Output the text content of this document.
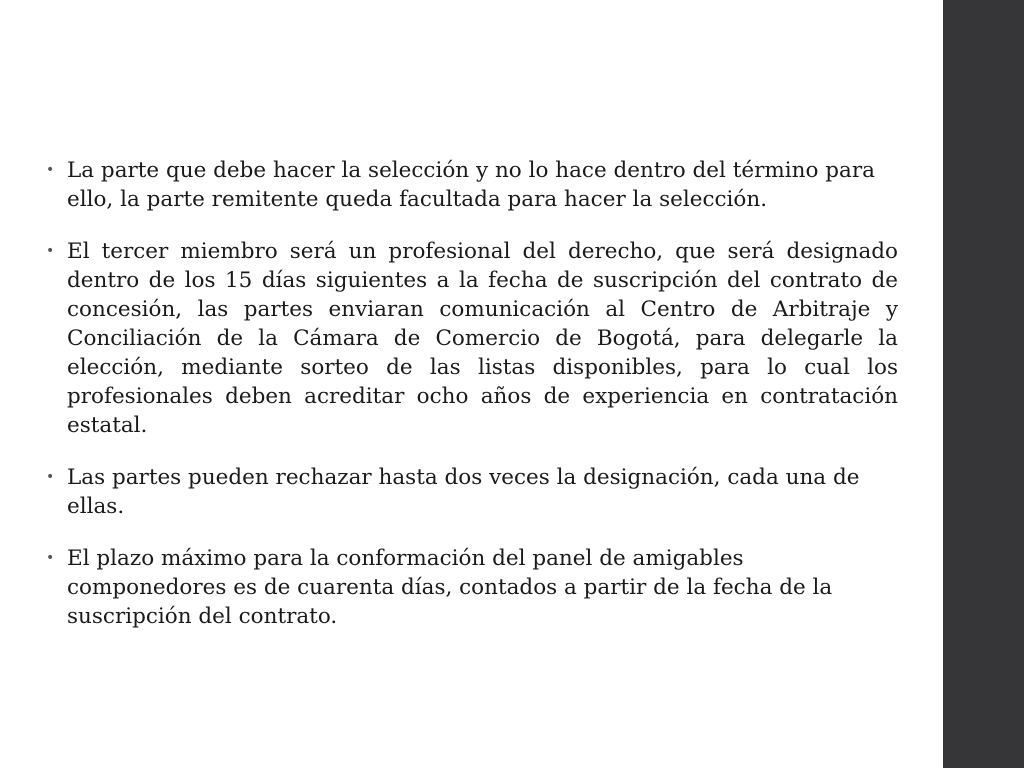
• La parte que debe hacer la selección y no lo hace dentro del término para ello, la parte remitente queda facultada para hacer la selección.
• El tercer miembro será un profesional del derecho, que será designado dentro de los 15 días siguientes a la fecha de suscripción del contrato de concesión, las partes enviaran comunicación al Centro de Arbitraje y Conciliación de la Cámara de Comercio de Bogotá, para delegarle la elección, mediante sorteo de las listas disponibles, para lo cual los profesionales deben acreditar ocho años de experiencia en contratación estatal.
• Las partes pueden rechazar hasta dos veces la designación, cada una de ellas.
• El plazo máximo para la conformación del panel de amigables componedores es de cuarenta días, contados a partir de la fecha de la suscripción del contrato.
